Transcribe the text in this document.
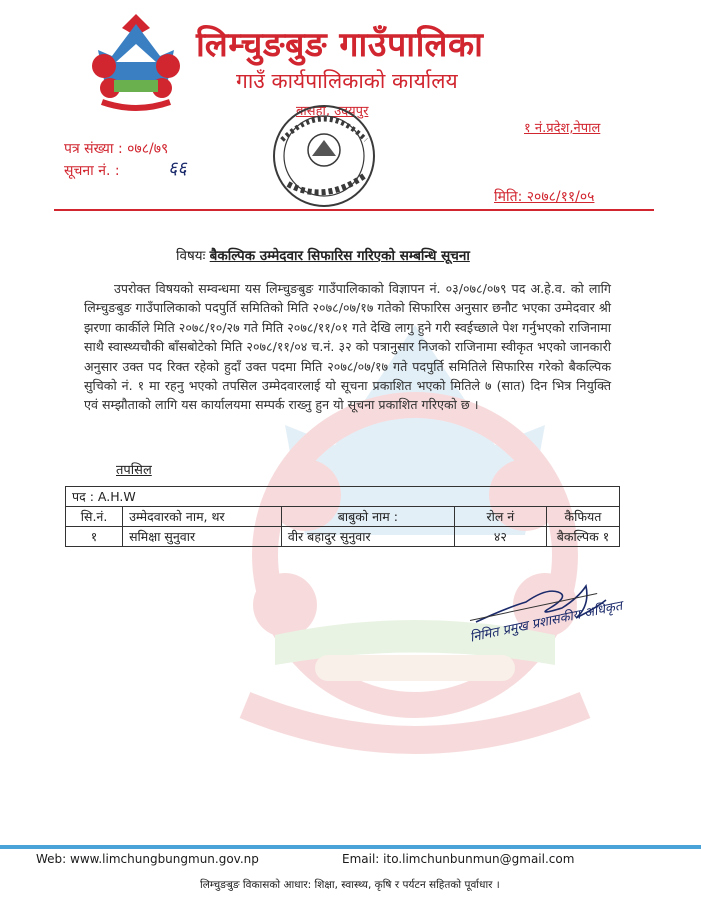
लिम्चुङबुङ गाउँपालिका
गाउँ कार्यपालिकाको कार्यालय
बासहा, उदयपुर
१ नं.प्रदेश,नेपाल
पत्र संख्या : ०७८/७९
सूचना नं. :	६६
मिति: २०७८/११/०५
विषयः बैकल्पिक उम्मेदवार सिफारिस गरिएको सम्बन्धि सूचना
उपरोक्त विषयको सम्वन्धमा यस लिम्चुङबुङ गाउँपालिकाको विज्ञापन नं. ०३/०७८/०७९ पद अ.हे.व. को लागि लिम्चुङबुङ गाउँपालिकाको पदपुर्ति समितिको मिति २०७८/०७/१७ गतेको सिफारिस अनुसार छनौट भएका उम्मेदवार श्री झरणा कार्कीले मिति २०७८/१०/२७ गते मिति २०७८/११/०१ गते देखि लागु हुने गरी स्वईच्छाले पेश गर्नुभएको राजिनामा साथै स्वास्थ्यचौकी बाँसबोटेको मिति २०७८/११/०४ च.नं. ३२ को पत्रानुसार निजको राजिनामा स्वीकृत भएको जानकारी अनुसार उक्त पद रिक्त रहेको हुदाँ उक्त पदमा मिति २०७८/०७/१७ गते पदपुर्ति समितिले सिफारिस गरेको बैकल्पिक सुचिको नं. १ मा रहनु भएको तपसिल उम्मेदवारलाई यो सूचना प्रकाशित भएको मितिले ७ (सात) दिन भित्र नियुक्ति एवं सम्झौताको लागि यस कार्यालयमा सम्पर्क राख्नु हुन यो सूचना प्रकाशित गरिएको छ ।
तपसिल
पद : A.H.W				
सि.नं.	उम्मेदवारको नाम, थर	बाबुको नाम :	रोल नं	कैफियत
१	समिक्षा सुनुवार	वीर बहादुर सुनुवार	४२	बैकल्पिक १
निमित प्रमुख प्रशासकीय अधिकृत
Web: www.limchungbungmun.gov.np	Email: ito.limchunbunmun@gmail.com
लिम्चुङबुङ विकासको आधार: शिक्षा, स्वास्थ्य, कृषि र पर्यटन सहितको पूर्वाधार ।
